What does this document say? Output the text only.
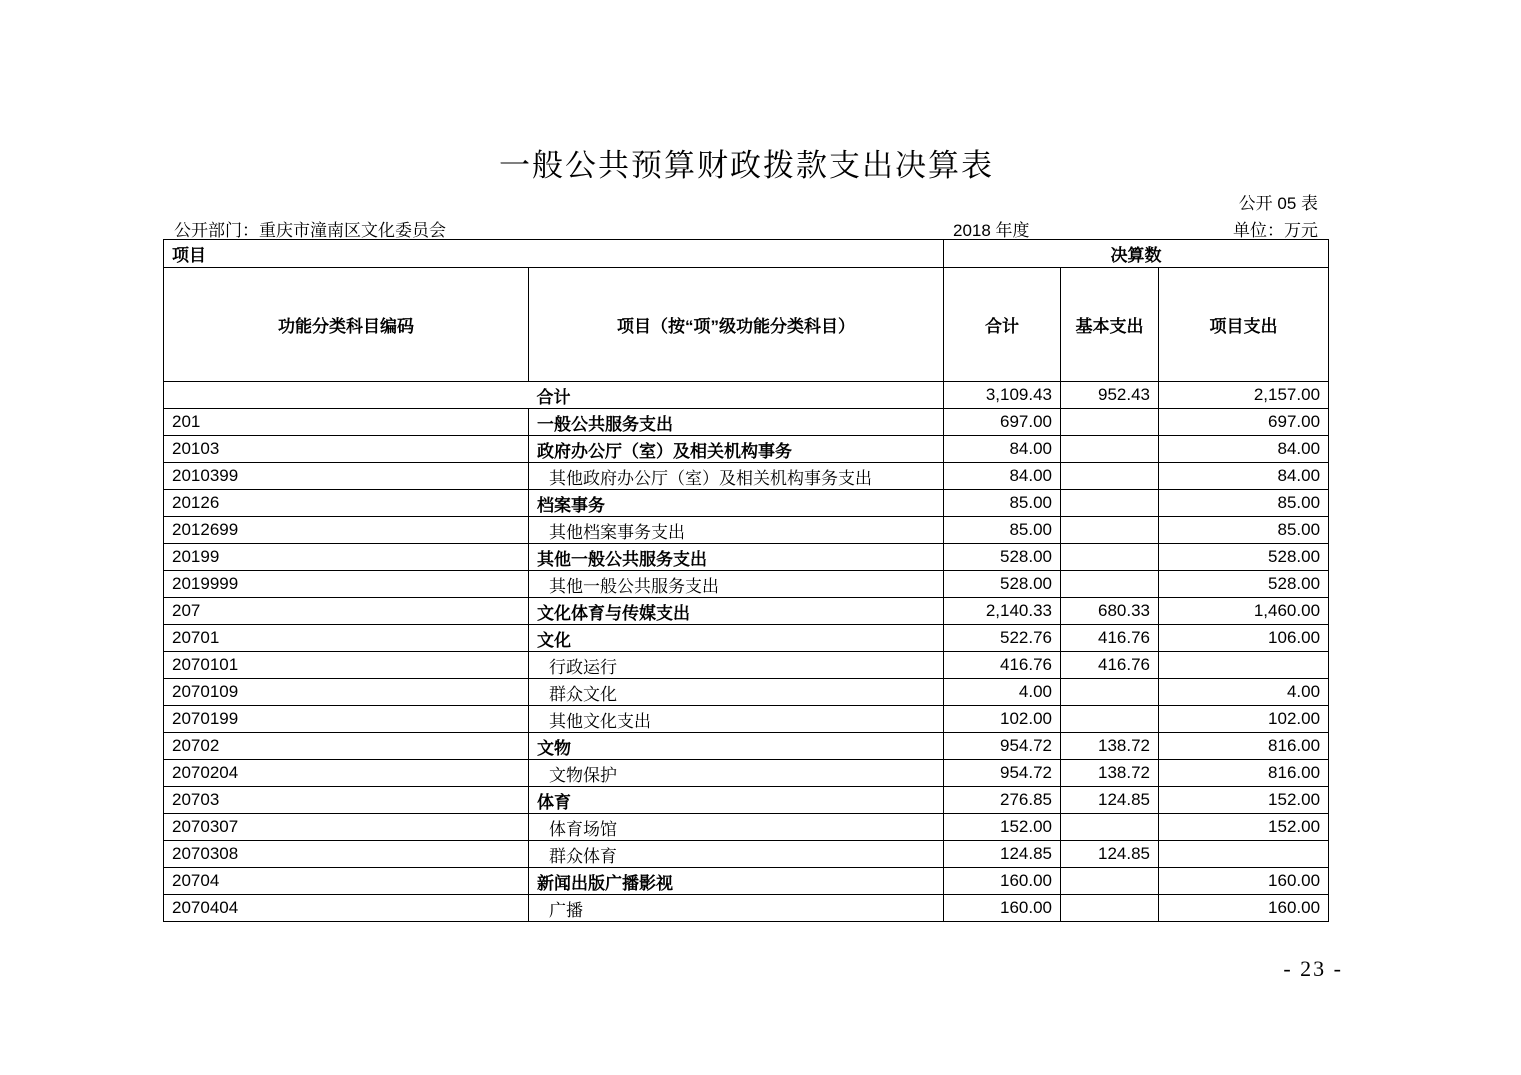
一般公共预算财政拨款支出决算表
公开 05 表
公开部门：重庆市潼南区文化委员会	2018 年度	单位：万元
项目		决算数		
功能分类科目编码	项目（按“项”级功能分类科目）	合计	基本支出	项目支出
合计		3,109.43	952.43	2,157.00
201	一般公共服务支出	697.00		697.00
20103	政府办公厅（室）及相关机构事务	84.00		84.00
2010399	其他政府办公厅（室）及相关机构事务支出	84.00		84.00
20126	档案事务	85.00		85.00
2012699	其他档案事务支出	85.00		85.00
20199	其他一般公共服务支出	528.00		528.00
2019999	其他一般公共服务支出	528.00		528.00
207	文化体育与传媒支出	2,140.33	680.33	1,460.00
20701	文化	522.76	416.76	106.00
2070101	行政运行	416.76	416.76	
2070109	群众文化	4.00		4.00
2070199	其他文化支出	102.00		102.00
20702	文物	954.72	138.72	816.00
2070204	文物保护	954.72	138.72	816.00
20703	体育	276.85	124.85	152.00
2070307	体育场馆	152.00		152.00
2070308	群众体育	124.85	124.85	
20704	新闻出版广播影视	160.00		160.00
2070404	广播	160.00		160.00
- 23 -
